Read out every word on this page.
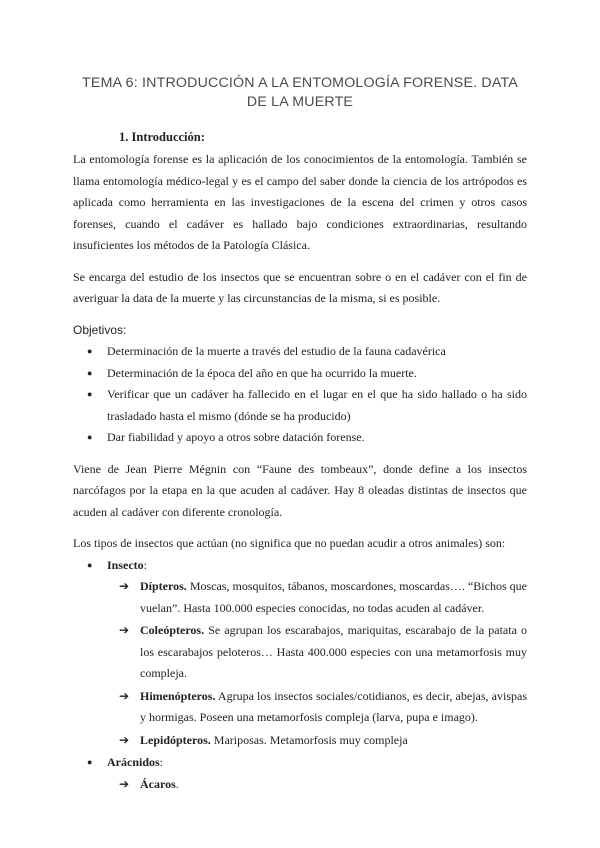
TEMA 6: INTRODUCCIÓN A LA ENTOMOLOGÍA FORENSE. DATA DE LA MUERTE
1. Introducción:

La entomología forense es la aplicación de los conocimientos de la entomología. También se llama entomología médico-legal y es el campo del saber donde la ciencia de los artrópodos es aplicada como herramienta en las investigaciones de la escena del crimen y otros casos forenses, cuando el cadáver es hallado bajo condiciones extraordinarias, resultando insuficientes los métodos de la Patología Clásica.

Se encarga del estudio de los insectos que se encuentran sobre o en el cadáver con el fin de averiguar la data de la muerte y las circunstancias de la misma, si es posible.

Objetivos:

● Determinación de la muerte a través del estudio de la fauna cadavérica
● Determinación de la época del año en que ha ocurrido la muerte.
● Verificar que un cadáver ha fallecido en el lugar en el que ha sido hallado o ha sido trasladado hasta el mismo (dónde se ha producido)
● Dar fiabilidad y apoyo a otros sobre datación forense.

Viene de Jean Pierre Mégnin con “Faune des tombeaux”, donde define a los insectos narcófagos por la etapa en la que acuden al cadáver. Hay 8 oleadas distintas de insectos que acuden al cadáver con diferente cronología.

Los tipos de insectos que actúan (no significa que no puedan acudir a otros animales) son:

● Insecto:
➔ Dípteros. Moscas, mosquitos, tábanos, moscardones, moscardas…. “Bichos que vuelan”. Hasta 100.000 especies conocidas, no todas acuden al cadáver.
➔ Coleópteros. Se agrupan los escarabajos, mariquitas, escarabajo de la patata o los escarabajos peloteros… Hasta 400.000 especies con una metamorfosis muy compleja.
➔ Himenópteros. Agrupa los insectos sociales/cotidianos, es decir, abejas, avispas y hormigas. Poseen una metamorfosis compleja (larva, pupa e imago).
➔ Lepidópteros. Mariposas. Metamorfosis muy compleja
● Arácnidos:
➔ Ácaros.
